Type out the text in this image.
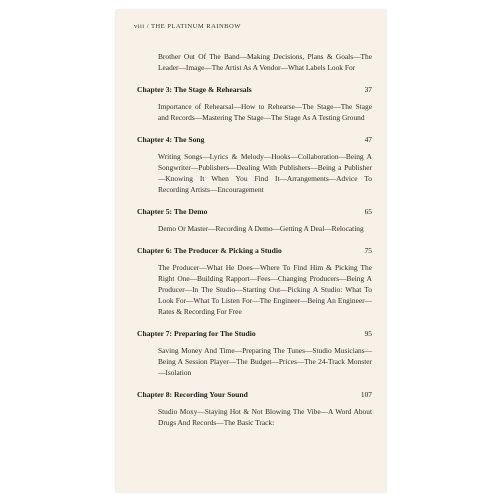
viii / THE PLATINUM RAINBOW
Brother Out Of The Band—Making Decisions, Plans & Goals—The Leader—Image—The Artist As A Vendor—What Labels Look For
Chapter 3: The Stage & Rehearsals	37
Importance of Rehearsal—How to Rehearse—The Stage—The Stage and Records—Mastering The Stage—The Stage As A Testing Ground
Chapter 4: The Song	47
Writing Songs—Lyrics & Melody—Hooks—Collaboration—Being A Songwriter—Publishers—Dealing With Publishers—Being a Publisher—Knowing It When You Find It—Arrangements—Advice To Recording Artists—Encouragement
Chapter 5: The Demo	65
Demo Or Master—Recording A Demo—Getting A Deal—Relocating
Chapter 6: The Producer & Picking a Studio	75
The Producer—What He Does—Where To Find Him & Picking The Right One—Building Rapport—Fees—Changing Producers—Being A Producer—In The Studio—Starting Out—Picking A Studio: What To Look For—What To Listen For—The Engineer—Being An Engineer—Rates & Recording For Free
Chapter 7: Preparing for The Studio	95
Saving Money And Time—Preparing The Tunes—Studio Musicians—Being A Session Player—The Budget—Prices—The 24-Track Monster—Isolation
Chapter 8: Recording Your Sound	107
Studio Moxy—Staying Hot & Not Blowing The Vibe—A Word About Drugs And Records—The Basic Track:
